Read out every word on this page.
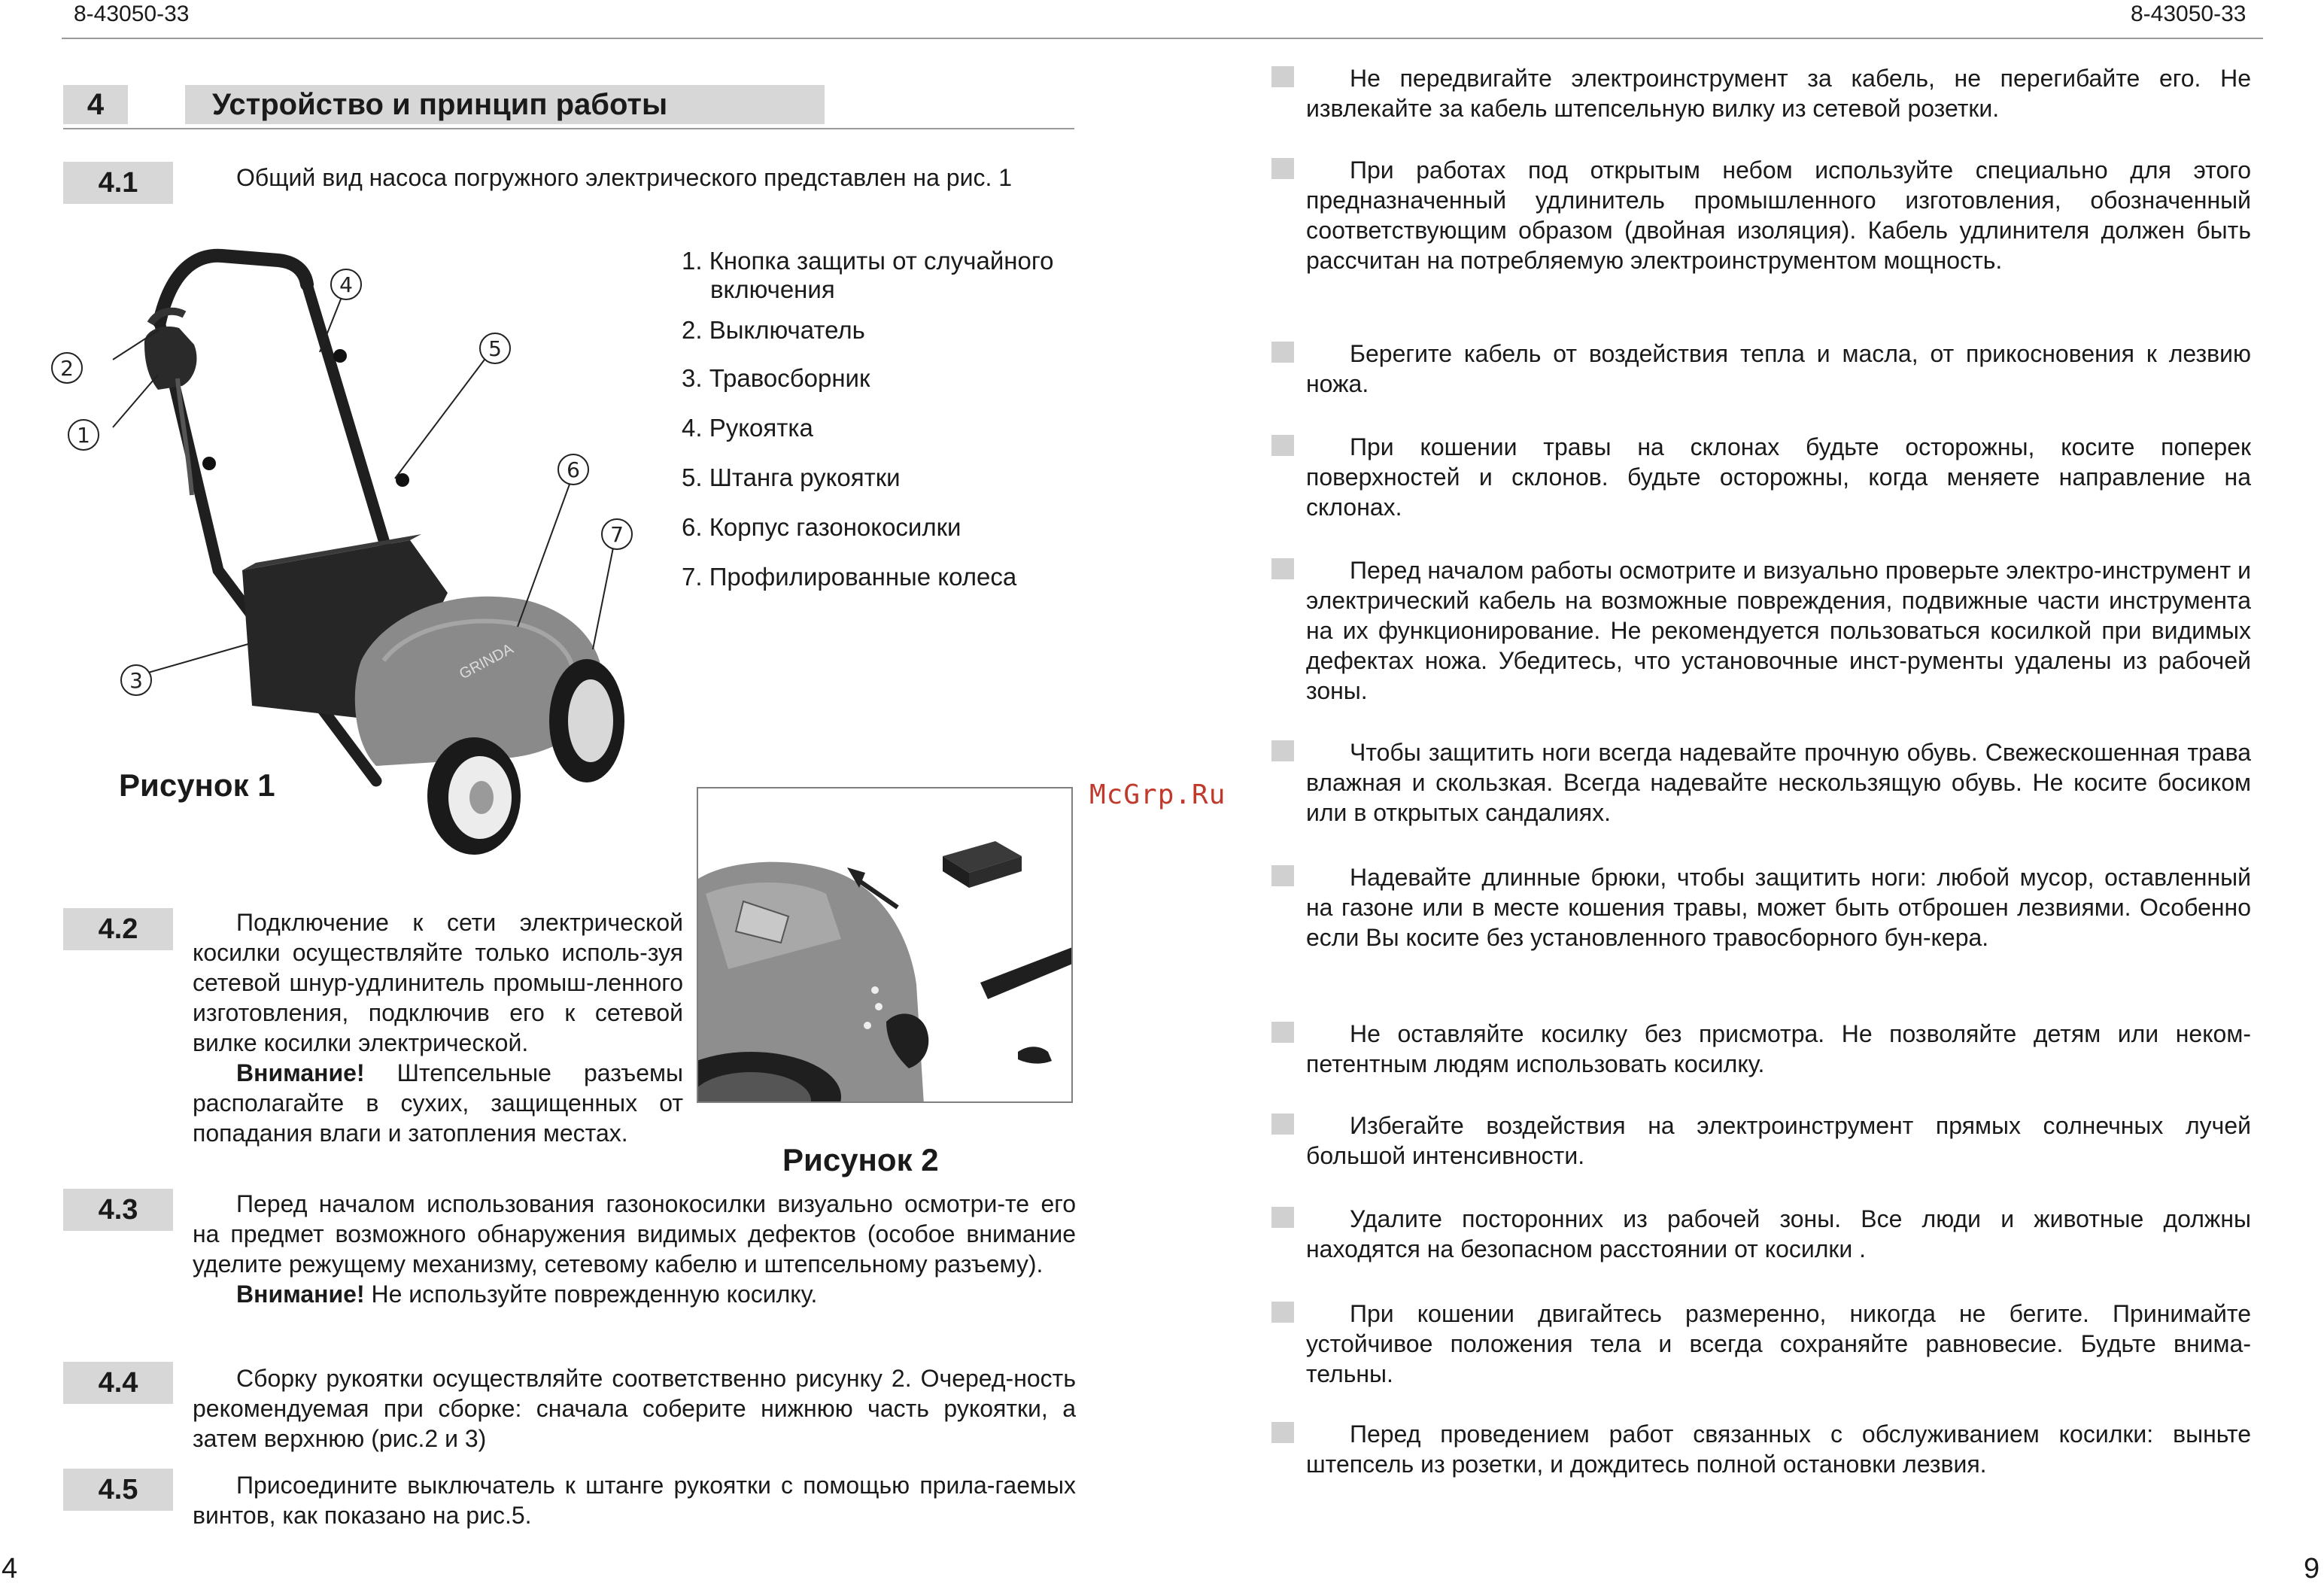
8-43050-33	8-43050-33
4	Устройство и принцип работы
4.1	Общий вид насоса погружного электрического представлен на рис. 1

GRINDA
1
2
3
4
5
6
7
1. Кнопка защиты от случайного
включения
2. Выключатель
3. Травосборник
4. Рукоятка
5. Штанга рукоятки
6. Корпус газонокосилки
7. Профилированные колеса
Рисунок 1
Рисунок 2
McGrp.Ru
4.2	Подключение к сети электрической косилки осуществляйте только исполь-зуя сетевой шнур-удлинитель промыш-ленного изготовления, подключив его к сетевой вилке косилки электрической.

Внимание! Штепсельные разъемы располагайте в сухих, защищенных от попадания влаги и затопления местах.

4.3	Перед началом использования газонокосилки визуально осмотри-те его на предмет возможного обнаружения видимых дефектов (особое внимание уделите режущему механизму, сетевому кабелю и штепсельному разъему).

Внимание! Не используйте поврежденную косилку.

4.4	Сборку рукоятки осуществляйте соответственно рисунку 2. Очеред-ность рекомендуемая при сборке: сначала соберите нижнюю часть рукоятки, а затем верхнюю (рис.2 и 3)

4.5	Присоедините выключатель к штанге рукоятки с помощью прила-гаемых винтов, как показано на рис.5.

Не передвигайте электроинструмент за кабель, не перегибайте его. Не извлекайте за кабель штепсельную вилку из сетевой розетки.
При работах под открытым небом используйте специально для этого предназначенный удлинитель промышленного изготовления, обозначенный соответствующим образом (двойная изоляция). Кабель удлинителя должен быть рассчитан на потребляемую электроинструментом мощность.
Берегите кабель от воздействия тепла и масла, от прикосновения к лезвию ножа.
При кошении травы на склонах будьте осторожны, косите поперек поверхностей и склонов. будьте осторожны, когда меняете направление на склонах.
Перед началом работы осмотрите и визуально проверьте электро-инструмент и электрический кабель на возможные повреждения, подвижные части инструмента на их функционирование. Не рекомендуется пользоваться косилкой при видимых дефектах ножа. Убедитесь, что установочные инст-рументы удалены из рабочей зоны.
Чтобы защитить ноги всегда надевайте прочную обувь. Свежескошенная трава влажная и скользкая. Всегда надевайте нескользящую обувь. Не косите босиком или в открытых сандалиях.
Надевайте длинные брюки, чтобы защитить ноги: любой мусор, оставленный на газоне или в месте кошения травы, может быть отброшен лезвиями. Особенно если Вы косите без установленного травосборного бун-кера.
Не оставляйте косилку без присмотра. Не позволяйте детям или неком-петентным людям использовать косилку.
Избегайте воздействия на электроинструмент прямых солнечных лучей большой интенсивности.
Удалите посторонних из рабочей зоны. Все люди и животные должны находятся на безопасном расстоянии от косилки .
При кошении двигайтесь размеренно, никогда не бегите. Принимайте устойчивое положения тела и всегда сохраняйте равновесие. Будьте внима-тельны.
Перед проведением работ связанных с обслуживанием косилки: выньте штепсель из розетки, и дождитесь полной остановки лезвия.
4	9
